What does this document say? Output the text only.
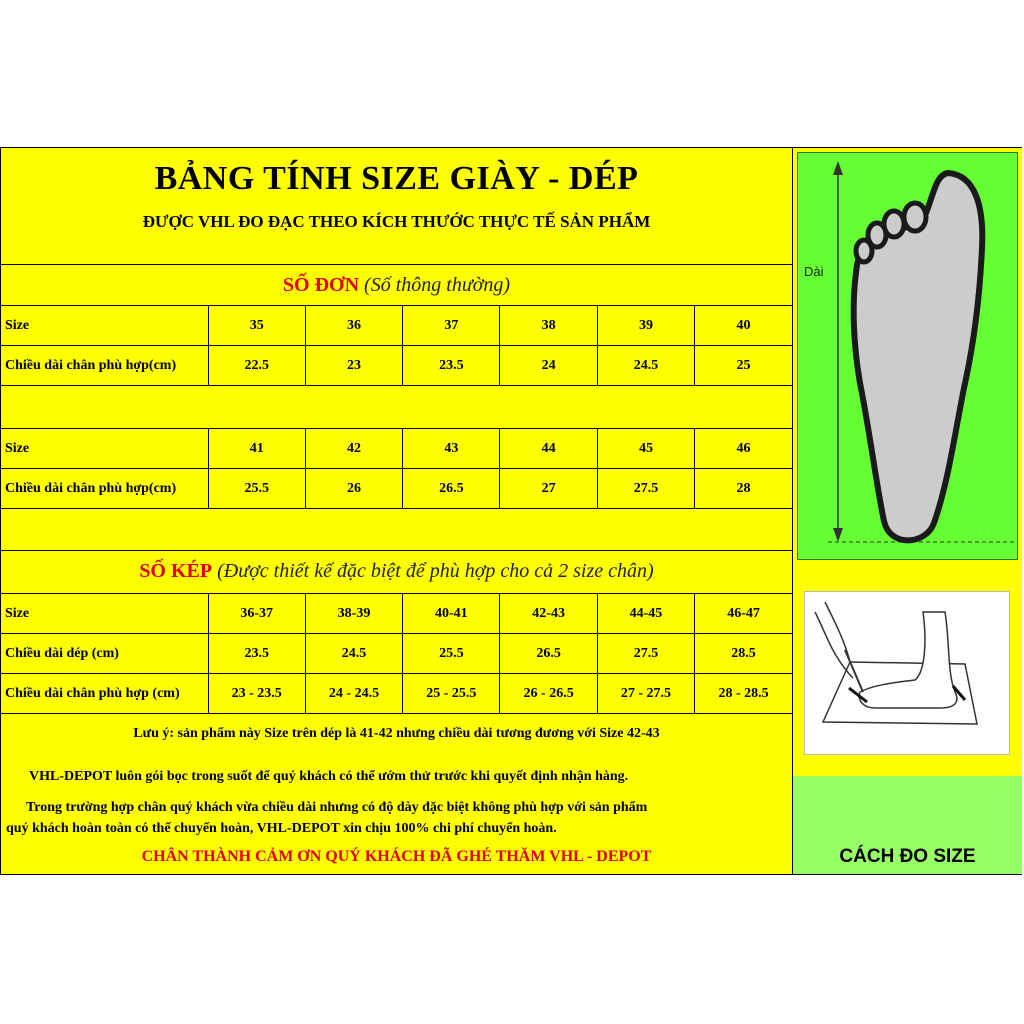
BẢNG TÍNH SIZE GIÀY - DÉP
ĐƯỢC VHL ĐO ĐẠC THEO KÍCH THƯỚC THỰC TẾ SẢN PHẨM
SỐ ĐƠN (Số thông thường)
Size	35	36	37	38	39	40
Chiều dài chân phù hợp(cm)	22.5	23	23.5	24	24.5	25
Size	41	42	43	44	45	46
Chiều dài chân phù hợp(cm)	25.5	26	26.5	27	27.5	28
SỐ KÉP (Được thiết kế đặc biệt để phù hợp cho cả 2 size chân)
Size	36-37	38-39	40-41	42-43	44-45	46-47
Chiều dài dép (cm)	23.5	24.5	25.5	26.5	27.5	28.5
Chiều dài chân phù hợp (cm)	23 - 23.5	24 - 24.5	25 - 25.5	26 - 26.5	27 - 27.5	28 - 28.5
Lưu ý: sản phẩm này Size trên dép là 41-42 nhưng chiều dài tương đương với Size 42-43
VHL-DEPOT luôn gói bọc trong suốt để quý khách có thể ướm thử trước khi quyết định nhận hàng.
Trong trường hợp chân quý khách vừa chiều dài nhưng có độ dày đặc biệt không phù hợp với sản phẩm
quý khách hoàn toàn có thể chuyển hoàn, VHL-DEPOT xin chịu 100% chi phí chuyển hoàn.
CHÂN THÀNH CẢM ƠN QUÝ KHÁCH ĐÃ GHÉ THĂM VHL - DEPOT
Dài
CÁCH ĐO SIZE
